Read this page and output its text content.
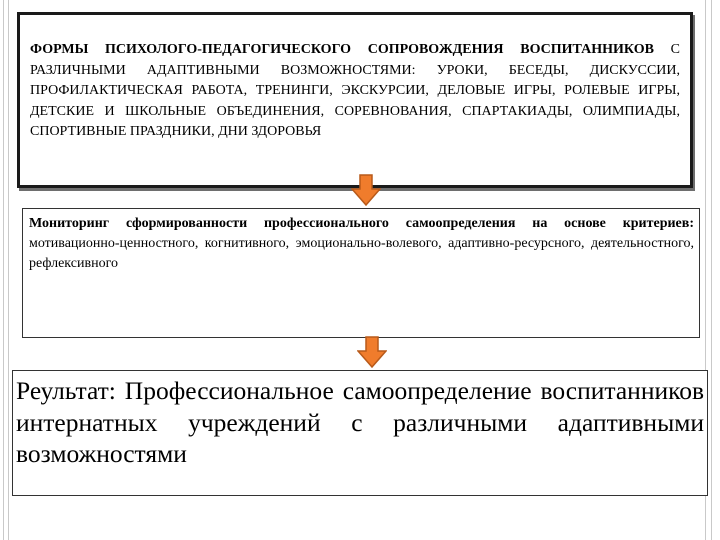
ФОРМЫ ПСИХОЛОГО-ПЕДАГОГИЧЕСКОГО СОПРОВОЖДЕНИЯ ВОСПИТАННИКОВ С РАЗЛИЧНЫМИ АДАПТИВНЫМИ ВОЗМОЖНОСТЯМИ: УРОКИ, БЕСЕДЫ, ДИСКУССИИ, ПРОФИЛАКТИЧЕСКАЯ РАБОТА, ТРЕНИНГИ, ЭКСКУРСИИ, ДЕЛОВЫЕ ИГРЫ, РОЛЕВЫЕ ИГРЫ, ДЕТСКИЕ И ШКОЛЬНЫЕ ОБЪЕДИНЕНИЯ, СОРЕВНОВАНИЯ, СПАРТАКИАДЫ, ОЛИМПИАДЫ, СПОРТИВНЫЕ ПРАЗДНИКИ, ДНИ ЗДОРОВЬЯ

Мониторинг сформированности профессионального самоопределения на основе критериев: мотивационно-ценностного, когнитивного, эмоционально-волевого, адаптивно-ресурсного, деятельностного, рефлексивного

Реультат: Профессиональное самоопределение воспитанников интернатных учреждений с различными адаптивными возможностями
